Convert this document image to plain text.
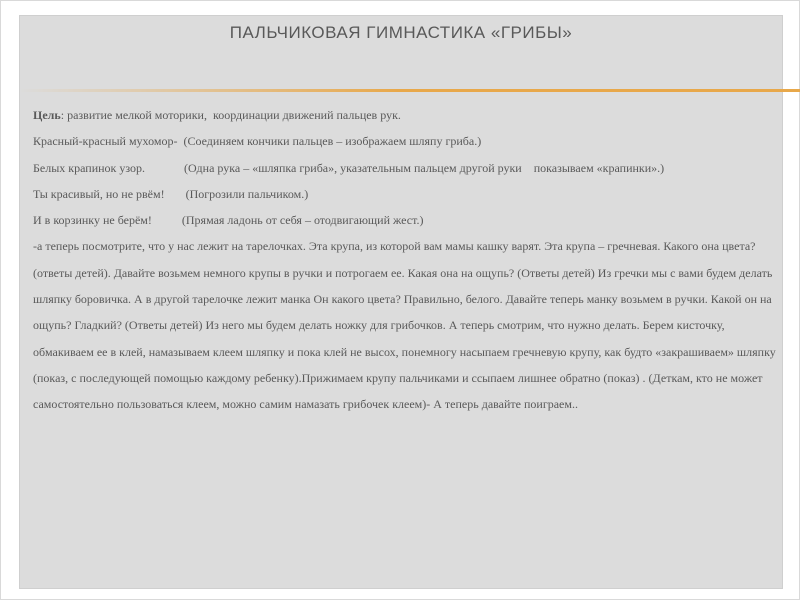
ПАЛЬЧИКОВАЯ ГИМНАСТИКА «ГРИБЫ»

Цель: развитие мелкой моторики,  координации движений пальцев рук.

Красный-красный мухомор-  (Соединяем кончики пальцев – изображаем шляпу гриба.)

Белых крапинок узор.             (Одна рука – «шляпка гриба», указательным пальцем другой руки    показываем «крапинки».)

Ты красивый, но не рвём!       (Погрозили пальчиком.)

И в корзинку не берём!          (Прямая ладонь от себя – отодвигающий жест.)

-а теперь посмотрите, что у нас лежит на тарелочках. Эта крупа, из которой вам мамы кашку варят. Эта крупа – гречневая. Какого она цвета? (ответы детей). Давайте возьмем немного крупы в ручки и потрогаем ее. Какая она на ощупь? (Ответы детей) Из гречки мы с вами будем делать шляпку боровичка. А в другой тарелочке лежит манка Он какого цвета? Правильно, белого. Давайте теперь манку возьмем в ручки. Какой он на ощупь? Гладкий? (Ответы детей) Из него мы будем делать ножку для грибочков. А теперь смотрим, что нужно делать. Берем кисточку, обмакиваем ее в клей, намазываем клеем шляпку и пока клей не высох, понемногу насыпаем гречневую крупу, как будто «закрашиваем» шляпку (показ, с последующей помощью каждому ребенку).Прижимаем крупу пальчиками и ссыпаем лишнее обратно (показ) . (Деткам, кто не может самостоятельно пользоваться клеем, можно самим намазать грибочек клеем)- А теперь давайте поиграем..
